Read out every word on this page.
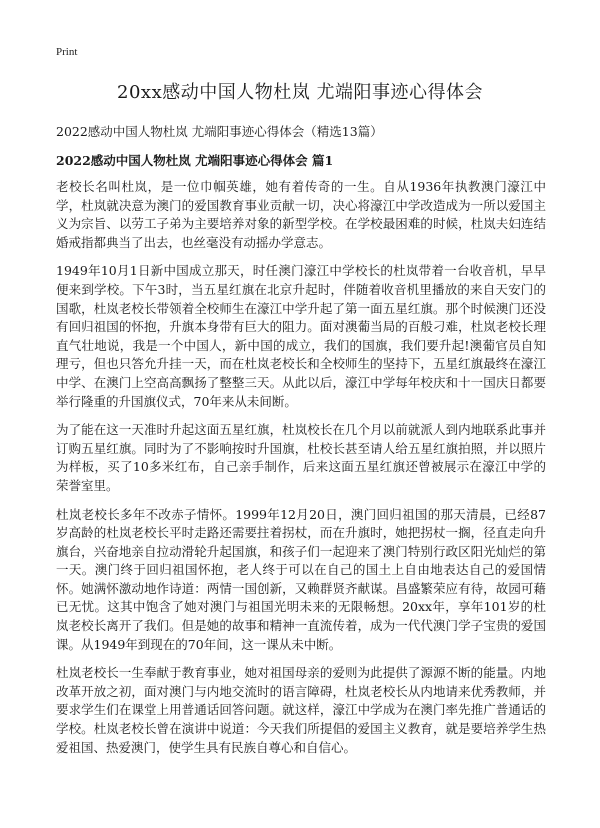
Print
20xx感动中国人物杜岚 尤端阳事迹心得体会
2022感动中国人物杜岚 尤端阳事迹心得体会（精选13篇）
2022感动中国人物杜岚 尤端阳事迹心得体会 篇1

老校长名叫杜岚，是一位巾帼英雄，她有着传奇的一生。自从1936年执教澳门濠江中学，杜岚就决意为澳门的爱国教育事业贡献一切，决心将濠江中学改造成为一所以爱国主义为宗旨、以劳工子弟为主要培养对象的新型学校。在学校最困难的时候，杜岚夫妇连结婚戒指都典当了出去，也丝毫没有动摇办学意志。

1949年10月1日新中国成立那天，时任澳门濠江中学校长的杜岚带着一台收音机，早早便来到学校。下午3时，当五星红旗在北京升起时，伴随着收音机里播放的来自天安门的国歌，杜岚老校长带领着全校师生在濠江中学升起了第一面五星红旗。那个时候澳门还没有回归祖国的怀抱，升旗本身带有巨大的阻力。面对澳葡当局的百般刁难，杜岚老校长理直气壮地说，我是一个中国人，新中国的成立，我们的国旗，我们要升起!澳葡官员自知理亏，但也只答允升挂一天，而在杜岚老校长和全校师生的坚持下，五星红旗最终在濠江中学、在澳门上空高高飘扬了整整三天。从此以后，濠江中学每年校庆和十一国庆日都要举行隆重的升国旗仪式，70年来从未间断。

为了能在这一天准时升起这面五星红旗，杜岚校长在几个月以前就派人到内地联系此事并订购五星红旗。同时为了不影响按时升国旗，杜校长甚至请人给五星红旗拍照，并以照片为样板，买了10多米红布，自己亲手制作，后来这面五星红旗还曾被展示在濠江中学的荣誉室里。

杜岚老校长多年不改赤子情怀。1999年12月20日，澳门回归祖国的那天清晨，已经87岁高龄的杜岚老校长平时走路还需要拄着拐杖，而在升旗时，她把拐杖一搁，径直走向升旗台，兴奋地亲自拉动滑轮升起国旗，和孩子们一起迎来了澳门特别行政区阳光灿烂的第一天。澳门终于回归祖国怀抱，老人终于可以在自己的国土上自由地表达自己的爱国情怀。她满怀激动地作诗道：两情一国创新，又赖群贤齐献谋。昌盛繁荣应有待，故园可藉已无忧。这其中饱含了她对澳门与祖国光明未来的无限畅想。20xx年，享年101岁的杜岚老校长离开了我们。但是她的故事和精神一直流传着，成为一代代澳门学子宝贵的爱国课。从1949年到现在的70年间，这一课从未中断。

杜岚老校长一生奉献于教育事业，她对祖国母亲的爱则为此提供了源源不断的能量。内地改革开放之初，面对澳门与内地交流时的语言障碍，杜岚老校长从内地请来优秀教师，并要求学生们在课堂上用普通话回答问题。就这样，濠江中学成为在澳门率先推广普通话的学校。杜岚老校长曾在演讲中说道：今天我们所提倡的爱国主义教育，就是要培养学生热爱祖国、热爱澳门，使学生具有民族自尊心和自信心。
